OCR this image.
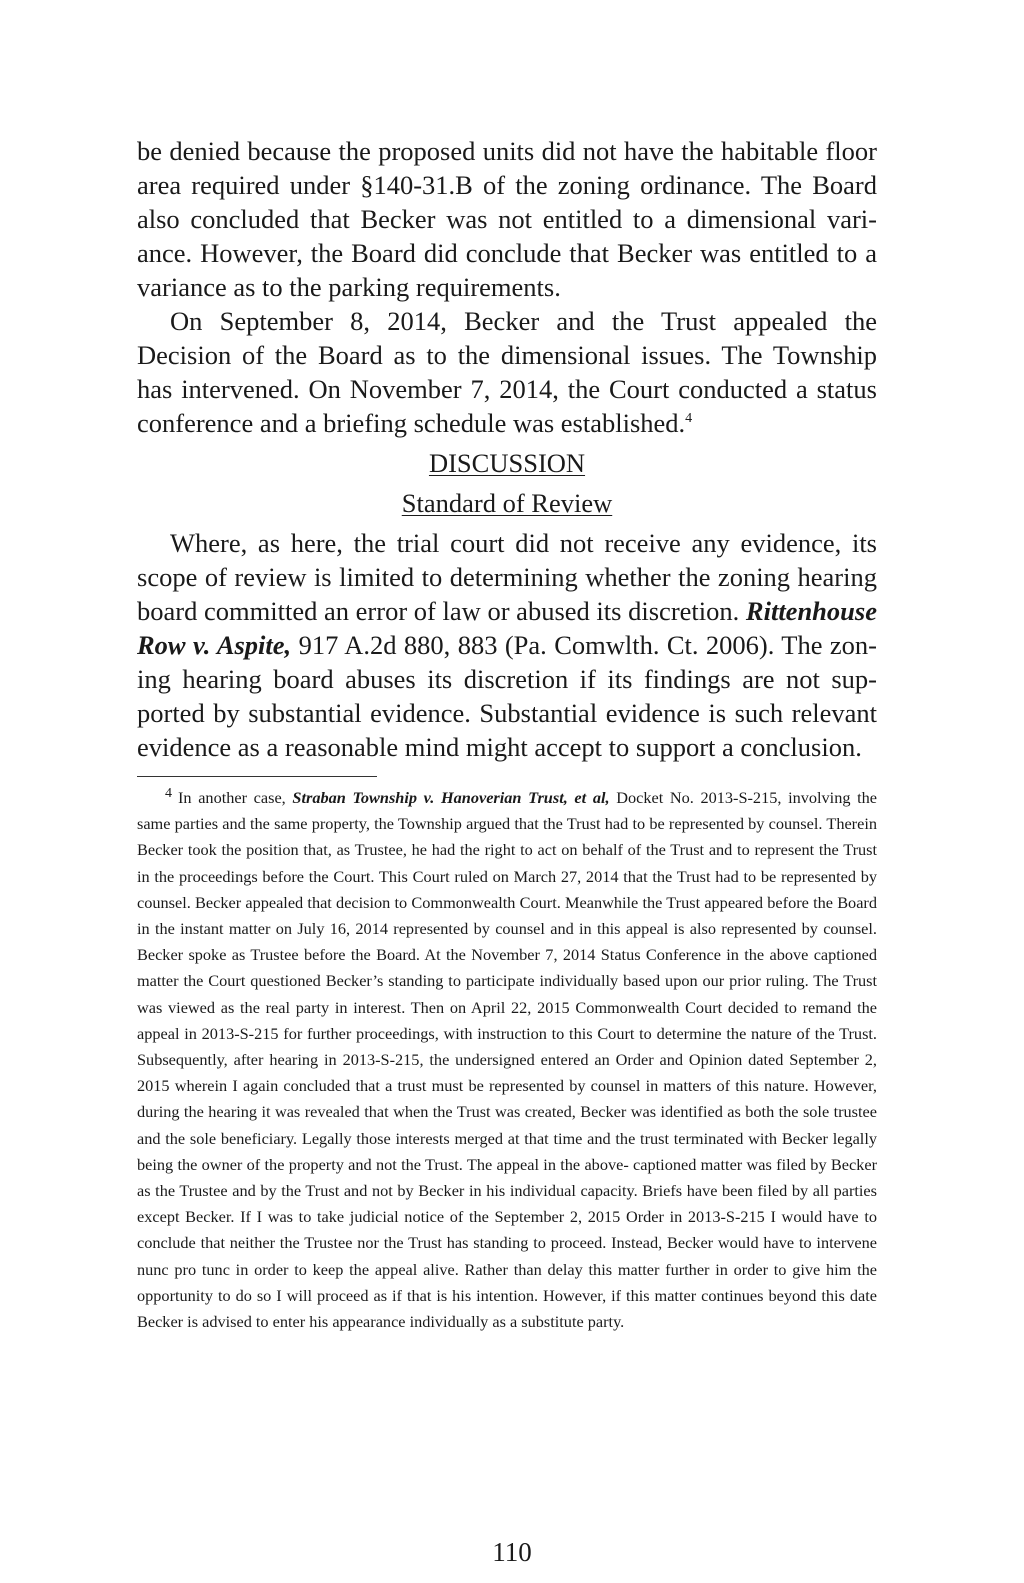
be denied because the proposed units did not have the habitable floor area required under §140-31.B of the zoning ordinance. The Board also concluded that Becker was not entitled to a dimensional variance. However, the Board did conclude that Becker was entitled to a variance as to the parking requirements.

On September 8, 2014, Becker and the Trust appealed the Decision of the Board as to the dimensional issues. The Township has intervened. On November 7, 2014, the Court conducted a status conference and a briefing schedule was established.$^4$

DISCUSSION

Standard of Review

Where, as here, the trial court did not receive any evidence, its scope of review is limited to determining whether the zoning hearing board committed an error of law or abused its discretion. Rittenhouse Row v. Aspite, 917 A.2d 880, 883 (Pa. Comwlth. Ct. 2006). The zoning hearing board abuses its discretion if its findings are not supported by substantial evidence. Substantial evidence is such relevant evidence as a reasonable mind might accept to support a conclusion.

4 In another case, Straban Township v. Hanoverian Trust, et al, Docket No. 2013-S-215, involving the same parties and the same property, the Township argued that the Trust had to be represented by counsel. Therein Becker took the position that, as Trustee, he had the right to act on behalf of the Trust and to represent the Trust in the proceedings before the Court. This Court ruled on March 27, 2014 that the Trust had to be represented by counsel. Becker appealed that decision to Commonwealth Court. Meanwhile the Trust appeared before the Board in the instant matter on July 16, 2014 represented by counsel and in this appeal is also represented by counsel. Becker spoke as Trustee before the Board. At the November 7, 2014 Status Conference in the above captioned matter the Court questioned Becker’s standing to participate individually based upon our prior ruling. The Trust was viewed as the real party in interest. Then on April 22, 2015 Commonwealth Court decided to remand the appeal in 2013-S-215 for further proceedings, with instruction to this Court to determine the nature of the Trust. Subsequently, after hearing in 2013-S-215, the undersigned entered an Order and Opinion dated September 2, 2015 wherein I again concluded that a trust must be represented by counsel in matters of this nature. However, during the hearing it was revealed that when the Trust was created, Becker was identified as both the sole trustee and the sole beneficiary. Legally those interests merged at that time and the trust terminated with Becker legally being the owner of the property and not the Trust. The appeal in the above- captioned matter was filed by Becker as the Trustee and by the Trust and not by Becker in his individual capacity. Briefs have been filed by all parties except Becker. If I was to take judicial notice of the September 2, 2015 Order in 2013-S-215 I would have to conclude that neither the Trustee nor the Trust has standing to proceed. Instead, Becker would have to intervene nunc pro tunc in order to keep the appeal alive. Rather than delay this matter further in order to give him the opportunity to do so I will proceed as if that is his intention. However, if this matter continues beyond this date Becker is advised to enter his appearance individually as a substitute party.

110
